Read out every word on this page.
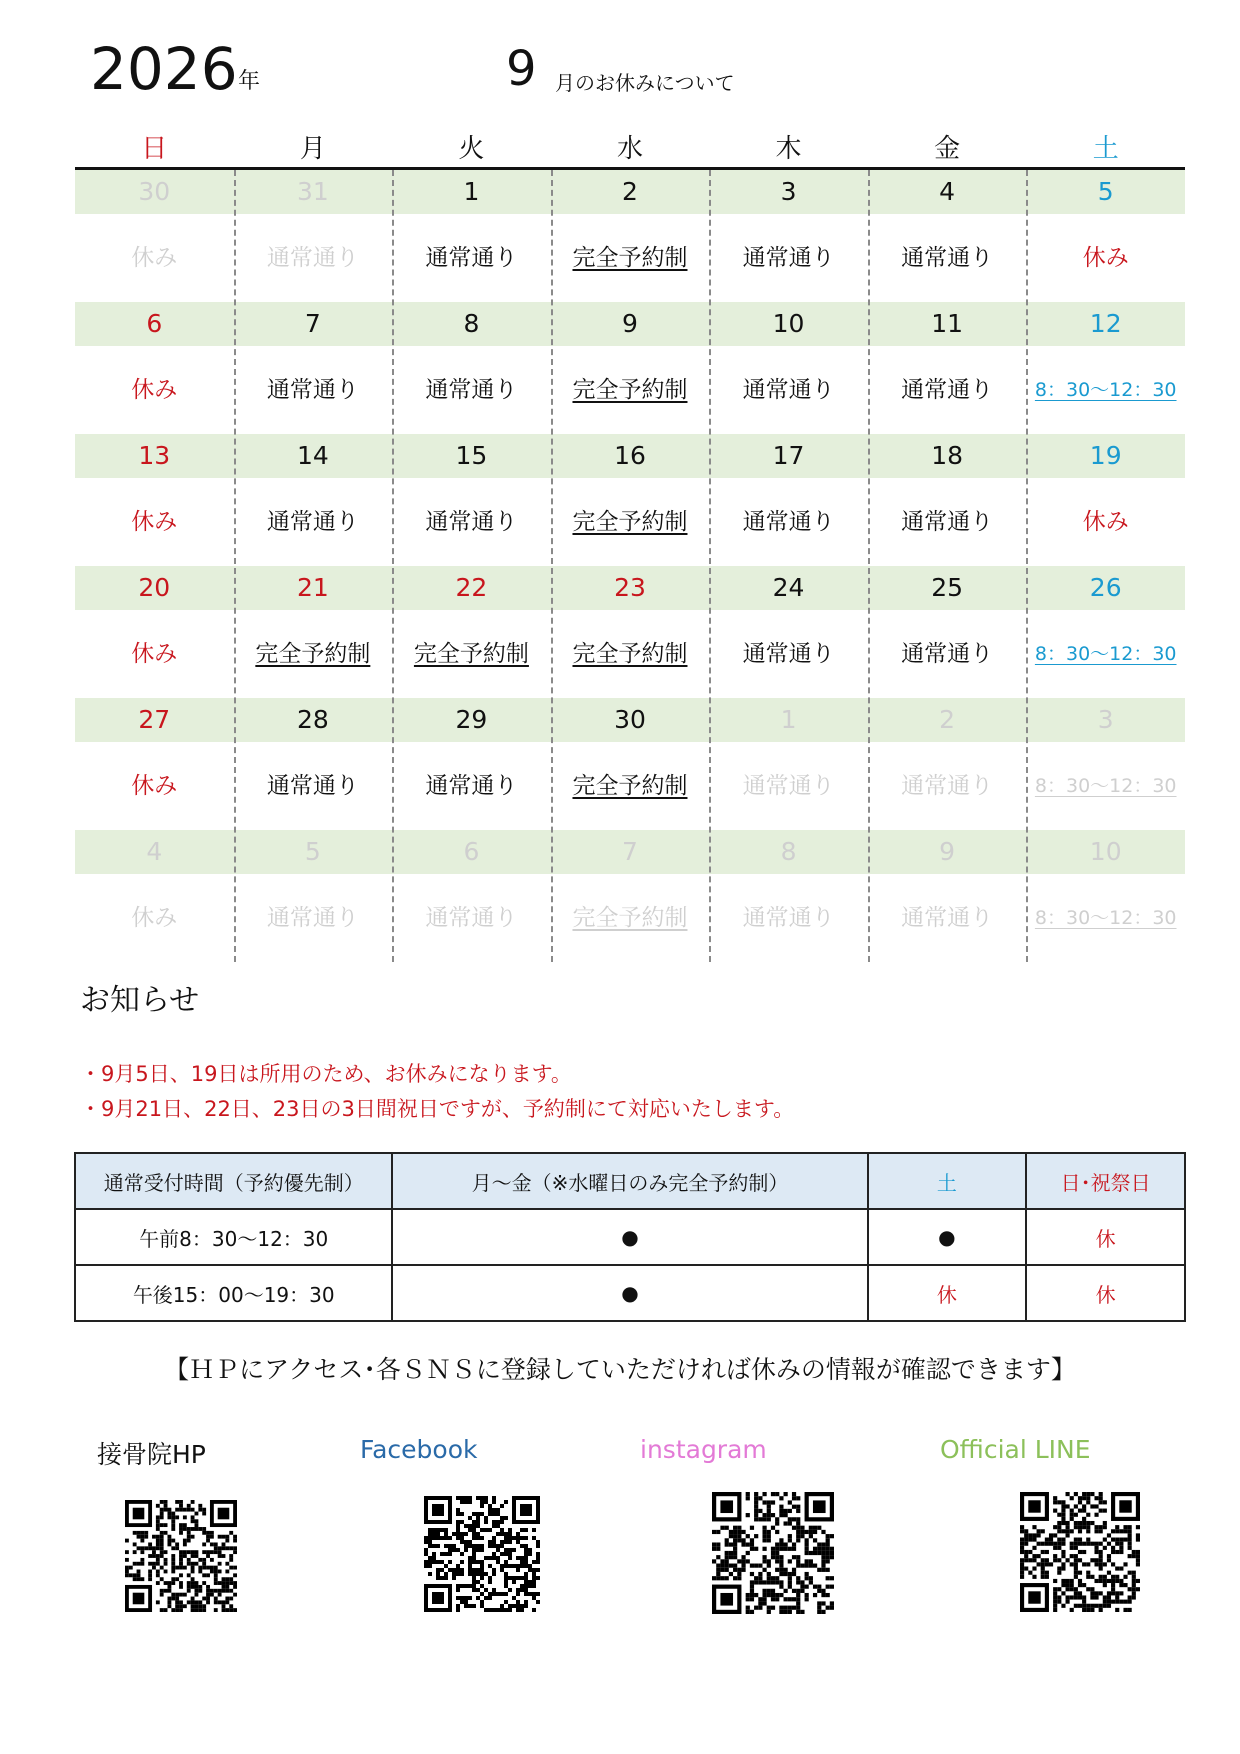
2026 年	9 月のお休みについて
日	月	火	水	木	金	土
30	31	1	2	3	4	5
休み	通常通り	通常通り	完全予約制	通常通り	通常通り	休み
6	7	8	9	10	11	12
休み	通常通り	通常通り	完全予約制	通常通り	通常通り	8：30～12：30
13	14	15	16	17	18	19
休み	通常通り	通常通り	完全予約制	通常通り	通常通り	休み
20	21	22	23	24	25	26
休み	完全予約制	完全予約制	完全予約制	通常通り	通常通り	8：30～12：30
27	28	29	30	1	2	3
休み	通常通り	通常通り	完全予約制	通常通り	通常通り	8：30～12：30
4	5	6	7	8	9	10
休み	通常通り	通常通り	完全予約制	通常通り	通常通り	8：30～12：30
お知らせ
・9月5日、19日は所用のため、お休みになります。
・9月21日、22日、23日の3日間祝日ですが、予約制にて対応いたします。
通常受付時間（予約優先制）	月～金（※水曜日のみ完全予約制）	土	日･祝祭日
午前8：30～12：30	●	●	休
午後15：00～19：30	●	休	休
【ＨＰにアクセス･各ＳＮＳに登録していただければ休みの情報が確認できます】
接骨院HP	Facebook	instagram	Official LINE
